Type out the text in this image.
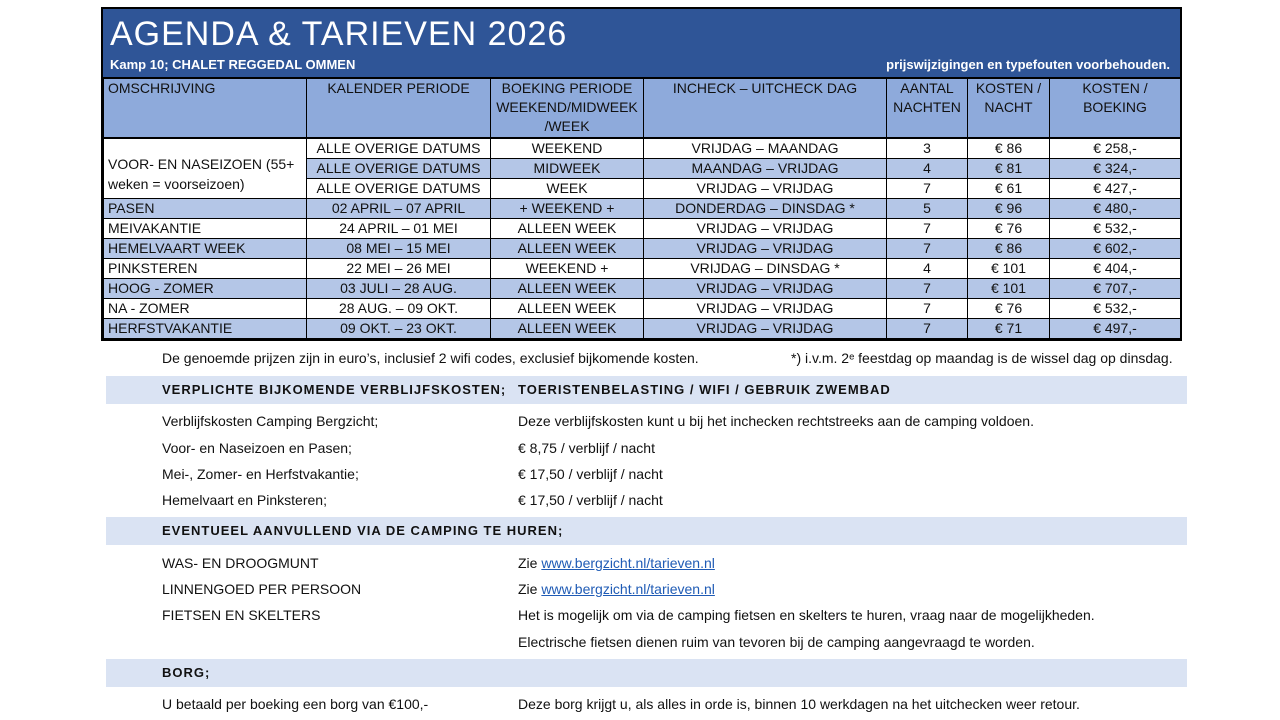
AGENDA & TARIEVEN 2026
Kamp 10; CHALET REGGEDAL OMMEN	prijswijzigingen en typefouten voorbehouden.
OMSCHRIJVING	KALENDER PERIODE	BOEKING PERIODE WEEKEND/MIDWEEK /WEEK	INCHECK – UITCHECK DAG	AANTAL NACHTEN	KOSTEN / NACHT	KOSTEN / BOEKING
VOOR- EN NASEIZOEN (55+ weken = voorseizoen)	ALLE OVERIGE DATUMS	WEEKEND	VRIJDAG – MAANDAG	3	€ 86	€ 258,-
	ALLE OVERIGE DATUMS	MIDWEEK	MAANDAG – VRIJDAG	4	€ 81	€ 324,-
	ALLE OVERIGE DATUMS	WEEK	VRIJDAG – VRIJDAG	7	€ 61	€ 427,-
PASEN	02 APRIL – 07 APRIL	+ WEEKEND +	DONDERDAG – DINSDAG *	5	€ 96	€ 480,-
MEIVAKANTIE	24 APRIL – 01 MEI	ALLEEN WEEK	VRIJDAG – VRIJDAG	7	€ 76	€ 532,-
HEMELVAART WEEK	08 MEI – 15 MEI	ALLEEN WEEK	VRIJDAG – VRIJDAG	7	€ 86	€ 602,-
PINKSTEREN	22 MEI – 26 MEI	WEEKEND +	VRIJDAG – DINSDAG *	4	€ 101	€ 404,-
HOOG - ZOMER	03 JULI – 28 AUG.	ALLEEN WEEK	VRIJDAG – VRIJDAG	7	€ 101	€ 707,-
NA - ZOMER	28 AUG. – 09 OKT.	ALLEEN WEEK	VRIJDAG – VRIJDAG	7	€ 76	€ 532,-
HERFSTVAKANTIE	09 OKT. – 23 OKT.	ALLEEN WEEK	VRIJDAG – VRIJDAG	7	€ 71	€ 497,-
De genoemde prijzen zijn in euro’s, inclusief 2 wifi codes, exclusief bijkomende kosten.	*) i.v.m. 2ᵉ feestdag op maandag is de wissel dag op dinsdag.
VERPLICHTE BIJKOMENDE VERBLIJFSKOSTEN; TOERISTENBELASTING / WIFI / GEBRUIK ZWEMBAD
Verblijfskosten Camping Bergzicht;	Deze verblijfskosten kunt u bij het inchecken rechtstreeks aan de camping voldoen.
Voor- en Naseizoen en Pasen;	€ 8,75 / verblijf / nacht
Mei-, Zomer- en Herfstvakantie;	€ 17,50 / verblijf / nacht
Hemelvaart en Pinksteren;	€ 17,50 / verblijf / nacht
EVENTUEEL AANVULLEND VIA DE CAMPING TE HUREN;
WAS- EN DROOGMUNT	Zie www.bergzicht.nl/tarieven.nl
LINNENGOED PER PERSOON	Zie www.bergzicht.nl/tarieven.nl
FIETSEN EN SKELTERS	Het is mogelijk om via de camping fietsen en skelters te huren, vraag naar de mogelijkheden.
Electrische fietsen dienen ruim van tevoren bij de camping aangevraagd te worden.
BORG;
U betaald per boeking een borg van €100,-	Deze borg krijgt u, als alles in orde is, binnen 10 werkdagen na het uitchecken weer retour.
